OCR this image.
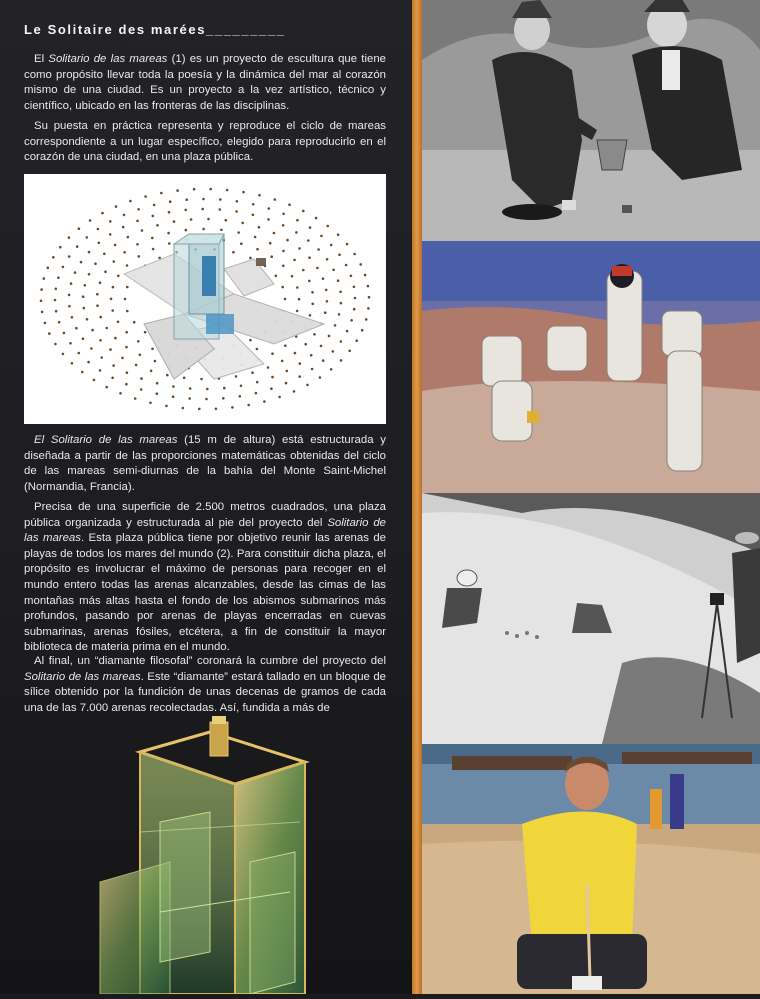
Le Solitaire des marées_________

El Solitario de las mareas (1) es un proyecto de escultura que tiene como propósito llevar toda la poesía y la dinámica del mar al corazón mismo de una ciudad. Es un proyecto a la vez artístico, técnico y científico, ubicado en las fronteras de las disciplinas.

Su puesta en práctica representa y reproduce el ciclo de mareas correspondiente a un lugar específico, elegido para reproducirlo en el corazón de una ciudad, en una plaza pública.

El Solitario de las mareas (15 m de altura) está estructurada y diseñada a partir de las proporciones matemáticas obtenidas del ciclo de las mareas semi-diurnas de la bahía del Monte Saint-Michel (Normandia, Francia).

Precisa de una superficie de 2.500 metros cuadrados, una plaza pública organizada y estructurada al pie del proyecto del Solitario de las mareas. Esta plaza pública tiene por objetivo reunir las arenas de playas de todos los mares del mundo (2). Para constituir dicha plaza, el propósito es involucrar el máximo de personas para recoger en el mundo entero todas las arenas alcanzables, desde las cimas de las montañas más altas hasta el fondo de los abismos submarinos más profundos, pasando por arenas de playas encerradas en cuevas submarinas, arenas fósiles, etcétera, a fin de constituir la mayor biblioteca de materia prima en el mundo.

Al final, un “diamante filosofal” coronará la cumbre del proyecto del Solitario de las mareas. Este “diamante” estará tallado en un bloque de sílice obtenido por la fundición de unas decenas de gramos de cada una de las 7.000 arenas recolectadas. Así, fundida a más de
